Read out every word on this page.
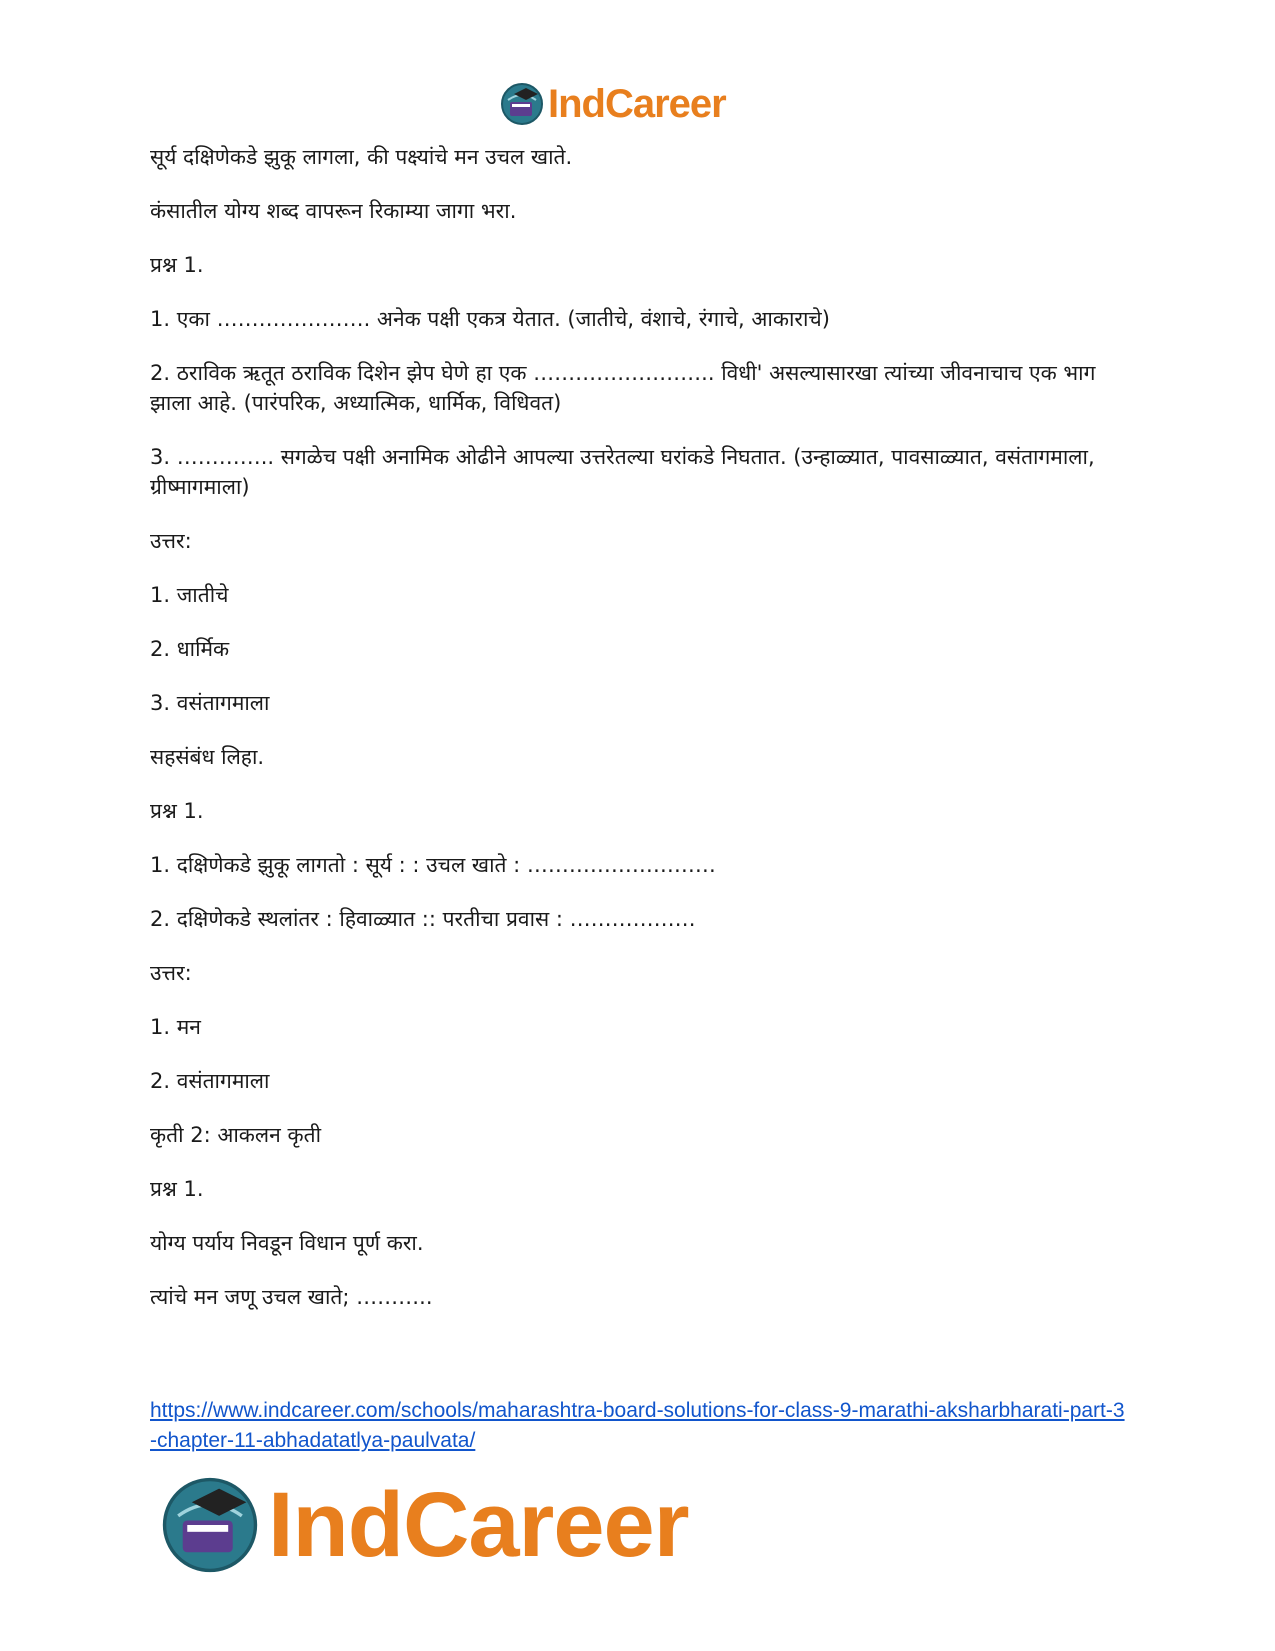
IndCareer

सूर्य दक्षिणेकडे झुकू लागला, की पक्ष्यांचे मन उचल खाते.

कंसातील योग्य शब्द वापरून रिकाम्या जागा भरा.

प्रश्न 1.

1. एका …………………. अनेक पक्षी एकत्र येतात. (जातीचे, वंशाचे, रंगाचे, आकाराचे)

2. ठराविक ऋतूत ठराविक दिशेन झेप घेणे हा एक …………………….. विधी' असल्यासारखा त्यांच्या जीवनाचाच एक भाग झाला आहे. (पारंपरिक, अध्यात्मिक, धार्मिक, विधिवत)

3. ………….. सगळेच पक्षी अनामिक ओढीने आपल्या उत्तरेतल्या घरांकडे निघतात. (उन्हाळ्यात, पावसाळ्यात, वसंतागमाला, ग्रीष्मागमाला)

उत्तर:

1. जातीचे

2. धार्मिक

3. वसंतागमाला

सहसंबंध लिहा.

प्रश्न 1.

1. दक्षिणेकडे झुकू लागतो : सूर्य : : उचल खाते : ………………………

2. दक्षिणेकडे स्थलांतर : हिवाळ्यात :: परतीचा प्रवास : ………………

उत्तर:

1. मन

2. वसंतागमाला

कृती 2: आकलन कृती

प्रश्न 1.

योग्य पर्याय निवडून विधान पूर्ण करा.

त्यांचे मन जणू उचल खाते; ………..

https://www.indcareer.com/schools/maharashtra-board-solutions-for-class-9-marathi-aksharbharati-part-3-chapter-11-abhadatatlya-paulvata/
IndCareer
